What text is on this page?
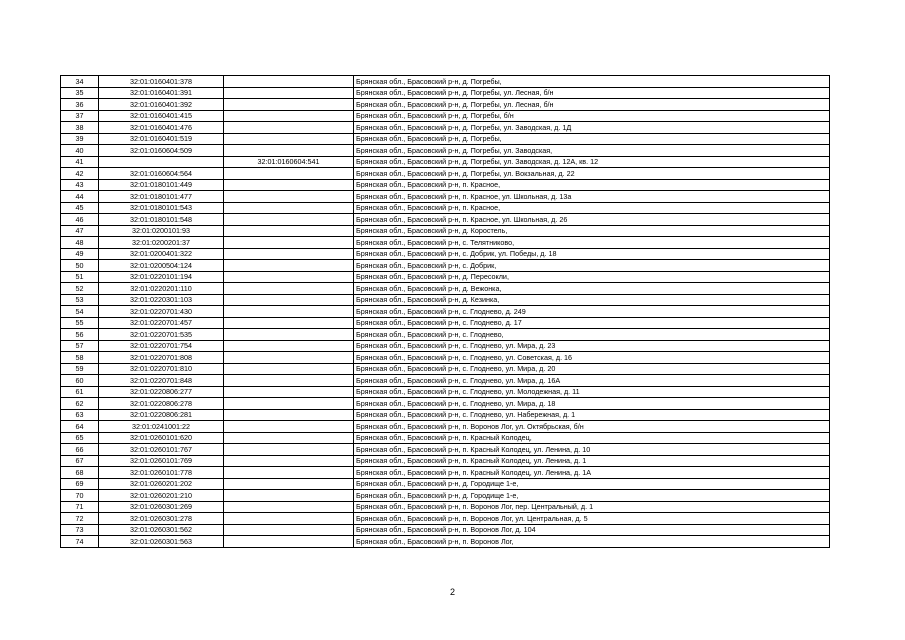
34	32:01:0160401:378		Брянская обл., Брасовский р-н, д. Погребы,
35	32:01:0160401:391		Брянская обл., Брасовский р-н, д. Погребы, ул. Лесная, б/н
36	32:01:0160401:392		Брянская обл., Брасовский р-н, д. Погребы, ул. Лесная, б/н
37	32:01:0160401:415		Брянская обл., Брасовский р-н, д. Погребы, б/н
38	32:01:0160401:476		Брянская обл., Брасовский р-н, д. Погребы, ул. Заводская, д. 1Д
39	32:01:0160401:519		Брянская обл., Брасовский р-н, д. Погребы,
40	32:01:0160604:509		Брянская обл., Брасовский р-н, д. Погребы, ул. Заводская,
41		32:01:0160604:541	Брянская обл., Брасовский р-н, д. Погребы, ул. Заводская, д. 12А, кв. 12
42	32:01:0160604:564		Брянская обл., Брасовский р-н, д. Погребы, ул. Вокзальная, д. 22
43	32:01:0180101:449		Брянская обл., Брасовский р-н, п. Красное,
44	32:01:0180101:477		Брянская обл., Брасовский р-н, п. Красное, ул. Школьная, д. 13а
45	32:01:0180101:543		Брянская обл., Брасовский р-н, п. Красное,
46	32:01:0180101:548		Брянская обл., Брасовский р-н, п. Красное, ул. Школьная, д. 26
47	32:01:0200101:93		Брянская обл., Брасовский р-н, д. Коростель,
48	32:01:0200201:37		Брянская обл., Брасовский р-н, с. Телятниково,
49	32:01:0200401:322		Брянская обл., Брасовский р-н, с. Добрик, ул. Победы, д. 18
50	32:01:0200504:124		Брянская обл., Брасовский р-н, с. Добрик,
51	32:01:0220101:194		Брянская обл., Брасовский р-н, д. Пересокли,
52	32:01:0220201:110		Брянская обл., Брасовский р-н, д. Вежонка,
53	32:01:0220301:103		Брянская обл., Брасовский р-н, д. Кезинка,
54	32:01:0220701:430		Брянская обл., Брасовский р-н, с. Глоднево, д. 249
55	32:01:0220701:457		Брянская обл., Брасовский р-н, с. Глоднево, д. 17
56	32:01:0220701:535		Брянская обл., Брасовский р-н, с. Глоднево,
57	32:01:0220701:754		Брянская обл., Брасовский р-н, с. Глоднево, ул. Мира, д. 23
58	32:01:0220701:808		Брянская обл., Брасовский р-н, с. Глоднево, ул. Советская, д. 16
59	32:01:0220701:810		Брянская обл., Брасовский р-н, с. Глоднево, ул. Мира, д. 20
60	32:01:0220701:848		Брянская обл., Брасовский р-н, с. Глоднево, ул. Мира, д. 16А
61	32:01:0220806:277		Брянская обл., Брасовский р-н, с. Глоднево, ул. Молодежная, д. 11
62	32:01:0220806:278		Брянская обл., Брасовский р-н, с. Глоднево, ул. Мира, д. 18
63	32:01:0220806:281		Брянская обл., Брасовский р-н, с. Глоднево, ул. Набережная, д. 1
64	32:01:0241001:22		Брянская обл., Брасовский р-н, п. Воронов Лог, ул. Октябрьская, б/н
65	32:01:0260101:620		Брянская обл., Брасовский р-н, п. Красный Колодец,
66	32:01:0260101:767		Брянская обл., Брасовский р-н, п. Красный Колодец, ул. Ленина, д. 10
67	32:01:0260101:769		Брянская обл., Брасовский р-н, п. Красный Колодец, ул. Ленина, д. 1
68	32:01:0260101:778		Брянская обл., Брасовский р-н, п. Красный Колодец, ул. Ленина, д. 1А
69	32:01:0260201:202		Брянская обл., Брасовский р-н, д. Городище 1-е,
70	32:01:0260201:210		Брянская обл., Брасовский р-н, д. Городище 1-е,
71	32:01:0260301:269		Брянская обл., Брасовский р-н, п. Воронов Лог, пер. Центральный, д. 1
72	32:01:0260301:278		Брянская обл., Брасовский р-н, п. Воронов Лог, ул. Центральная, д. 5
73	32:01:0260301:562		Брянская обл., Брасовский р-н, п. Воронов Лог, д. 104
74	32:01:0260301:563		Брянская обл., Брасовский р-н, п. Воронов Лог,
2
